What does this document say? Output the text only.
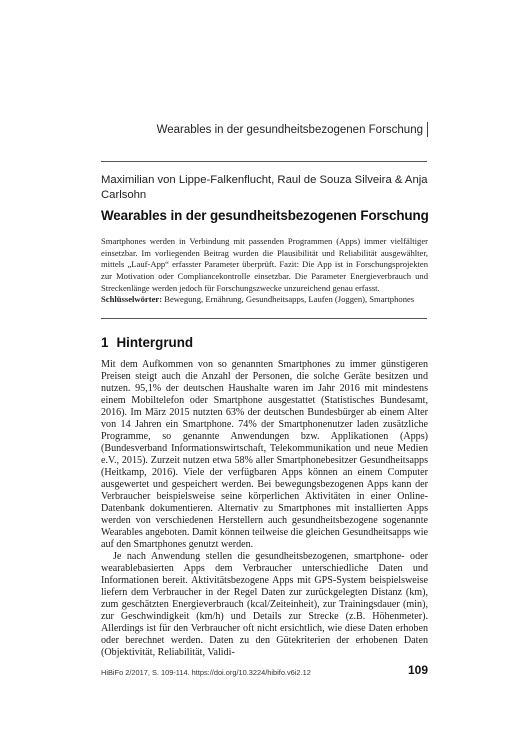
Wearables in der gesundheitsbezogenen Forschung
Maximilian von Lippe-Falkenflucht, Raul de Souza Silveira & Anja Carlsohn
Wearables in der gesundheitsbezogenen Forschung

Smartphones werden in Verbindung mit passenden Programmen (Apps) immer vielfältiger einsetzbar. Im vorliegenden Beitrag wurden die Plausibilität und Reliabilität ausgewählter, mittels „Lauf-App“ erfasster Parameter überprüft. Fazit: Die App ist in Forschungsprojekten zur Motivation oder Compliancekontrolle einsetzbar. Die Parameter Energieverbrauch und Streckenlänge werden jedoch für Forschungszwecke unzureichend genau erfasst.

Schlüsselwörter: Bewegung, Ernährung, Gesundheitsapps, Laufen (Joggen), Smartphones
1 Hintergrund

Mit dem Aufkommen von so genannten Smartphones zu immer günstigeren Preisen steigt auch die Anzahl der Personen, die solche Geräte besitzen und nutzen. 95,1% der deutschen Haushalte waren im Jahr 2016 mit mindestens einem Mobiltelefon oder Smartphone ausgestattet (Statistisches Bundesamt, 2016). Im März 2015 nutzten 63% der deutschen Bundesbürger ab einem Alter von 14 Jahren ein Smartphone. 74% der Smartphonenutzer laden zusätzliche Programme, so genannte Anwendungen bzw. Applikationen (Apps) (Bundesverband Informationswirtschaft, Telekommunikation und neue Medien e.V., 2015). Zurzeit nutzen etwa 58% aller Smartphonebesitzer Gesundheitsapps (Heitkamp, 2016). Viele der verfügbaren Apps können an einem Computer ausgewertet und gespeichert werden. Bei bewegungsbezogenen Apps kann der Verbraucher beispielsweise seine körperlichen Aktivitäten in einer Online-Datenbank dokumentieren. Alternativ zu Smartphones mit installierten Apps werden von verschiedenen Herstellern auch gesundheitsbezogene sogenannte Wearables angeboten. Damit können teilweise die gleichen Gesundheitsapps wie auf den Smartphones genutzt werden.

Je nach Anwendung stellen die gesundheitsbezogenen, smartphone- oder wearablebasierten Apps dem Verbraucher unterschiedliche Daten und Informationen bereit. Aktivitätsbezogene Apps mit GPS-System beispielsweise liefern dem Verbraucher in der Regel Daten zur zurückgelegten Distanz (km), zum geschätzten Energieverbrauch (kcal/Zeiteinheit), zur Trainingsdauer (min), zur Geschwindigkeit (km/h) und Details zur Strecke (z.B. Höhenmeter). Allerdings ist für den Verbraucher oft nicht ersichtlich, wie diese Daten erhoben oder berechnet werden. Daten zu den Gütekriterien der erhobenen Daten (Objektivität, Reliabilität, Validi-

HiBiFo 2/2017, S. 109-114. https://doi.org/10.3224/hibifo.v6i2.12	109
